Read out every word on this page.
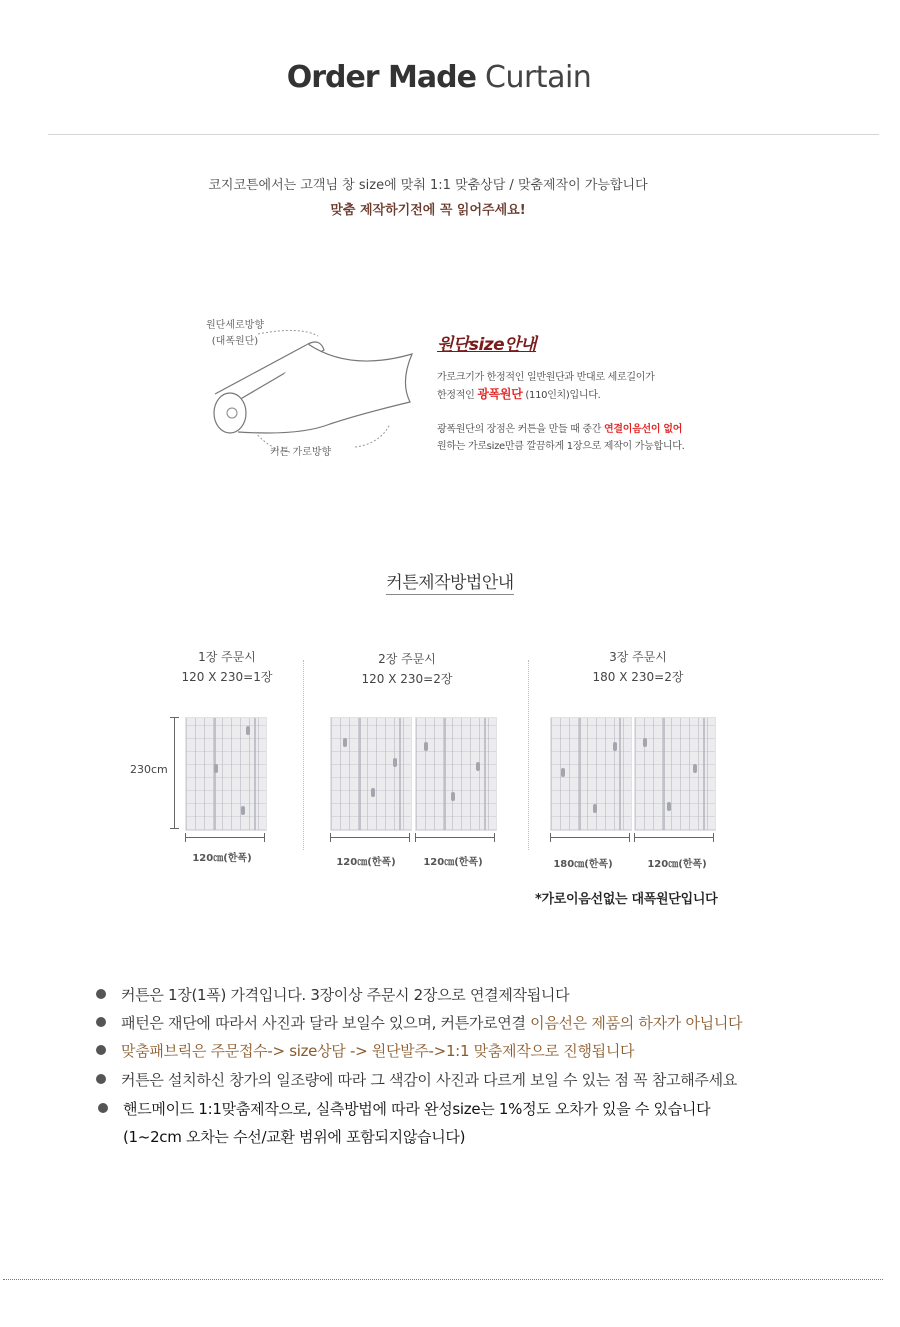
Order Made Curtain
코지코튼에서는 고객님 창 size에 맞춰 1:1 맞춤상담 / 맞춤제작이 가능합니다
맞춤 제작하기전에 꼭 읽어주세요!
원단세로방향
(대폭원단)
커튼 가로방향
원단size안내
가로크기가 한정적인 일반원단과 반대로 세로길이가
한정적인 광폭원단 (110인치)입니다.
광폭원단의 장점은 커튼을 만들 때 중간 연결이음선이 없어
원하는 가로size만큼 깔끔하게 1장으로 제작이 가능합니다.
커튼제작방법안내
1장 주문시
120 X 230=1장
2장 주문시
120 X 230=2장
3장 주문시
180 X 230=2장
230cm
120㎝(한폭)	120㎝(한폭)	120㎝(한폭)	180㎝(한폭)	120㎝(한폭)
*가로이음선없는 대폭원단입니다
커튼은 1장(1폭) 가격입니다. 3장이상 주문시 2장으로 연결제작됩니다
패턴은 재단에 따라서 사진과 달라 보일수 있으며, 커튼가로연결 이음선은 제품의 하자가 아닙니다
맞춤패브릭은 주문접수-> size상담 -> 원단발주->1:1 맞춤제작으로 진행됩니다
커튼은 설치하신 창가의 일조량에 따라 그 색감이 사진과 다르게 보일 수 있는 점 꼭 참고해주세요
핸드메이드 1:1맞춤제작으로, 실측방법에 따라 완성size는 1%정도 오차가 있을 수 있습니다
(1~2cm 오차는 수선/교환 범위에 포함되지않습니다)
